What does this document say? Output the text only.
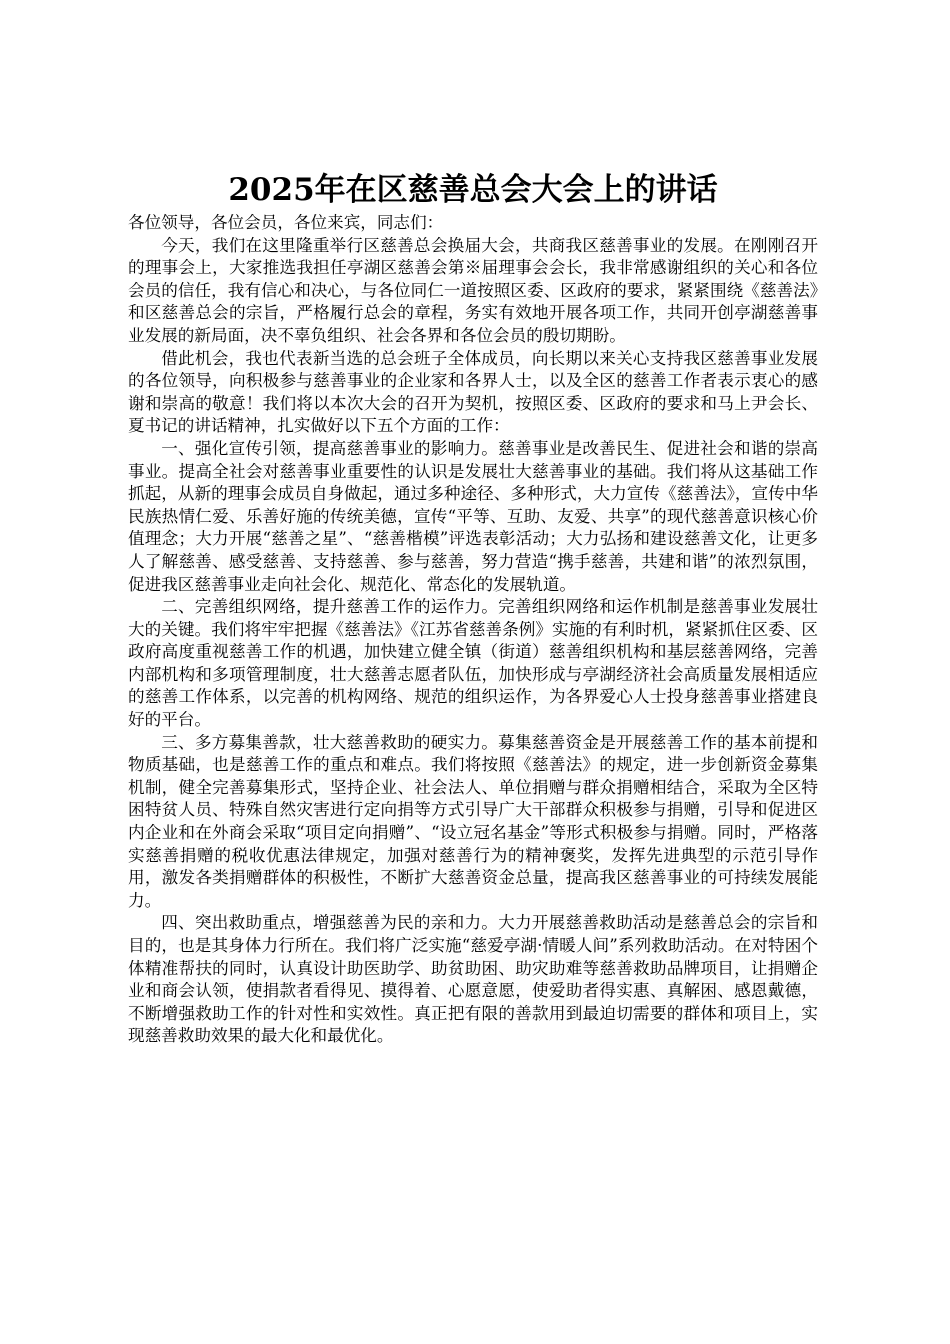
2025年在区慈善总会大会上的讲话

各位领导，各位会员，各位来宾，同志们：

今天，我们在这里隆重举行区慈善总会换届大会，共商我区慈善事业的发展。在刚刚召开的理事会上，大家推选我担任亭湖区慈善会第※届理事会会长，我非常感谢组织的关心和各位会员的信任，我有信心和决心，与各位同仁一道按照区委、区政府的要求，紧紧围绕《慈善法》和区慈善总会的宗旨，严格履行总会的章程，务实有效地开展各项工作，共同开创亭湖慈善事业发展的新局面，决不辜负组织、社会各界和各位会员的殷切期盼。

借此机会，我也代表新当选的总会班子全体成员，向长期以来关心支持我区慈善事业发展的各位领导，向积极参与慈善事业的企业家和各界人士，以及全区的慈善工作者表示衷心的感谢和崇高的敬意！我们将以本次大会的召开为契机，按照区委、区政府的要求和马上尹会长、夏书记的讲话精神，扎实做好以下五个方面的工作：

一、强化宣传引领，提高慈善事业的影响力。慈善事业是改善民生、促进社会和谐的崇高事业。提高全社会对慈善事业重要性的认识是发展壮大慈善事业的基础。我们将从这基础工作抓起，从新的理事会成员自身做起，通过多种途径、多种形式，大力宣传《慈善法》，宣传中华民族热情仁爱、乐善好施的传统美德，宣传“平等、互助、友爱、共享”的现代慈善意识核心价值理念；大力开展“慈善之星”、“慈善楷模”评选表彰活动；大力弘扬和建设慈善文化，让更多人了解慈善、感受慈善、支持慈善、参与慈善，努力营造“携手慈善，共建和谐”的浓烈氛围，促进我区慈善事业走向社会化、规范化、常态化的发展轨道。

二、完善组织网络，提升慈善工作的运作力。完善组织网络和运作机制是慈善事业发展壮大的关键。我们将牢牢把握《慈善法》《江苏省慈善条例》实施的有利时机，紧紧抓住区委、区政府高度重视慈善工作的机遇，加快建立健全镇（街道）慈善组织机构和基层慈善网络，完善内部机构和多项管理制度，壮大慈善志愿者队伍，加快形成与亭湖经济社会高质量发展相适应的慈善工作体系，以完善的机构网络、规范的组织运作，为各界爱心人士投身慈善事业搭建良好的平台。

三、多方募集善款，壮大慈善救助的硬实力。募集慈善资金是开展慈善工作的基本前提和物质基础，也是慈善工作的重点和难点。我们将按照《慈善法》的规定，进一步创新资金募集机制，健全完善募集形式，坚持企业、社会法人、单位捐赠与群众捐赠相结合，采取为全区特困特贫人员、特殊自然灾害进行定向捐等方式引导广大干部群众积极参与捐赠，引导和促进区内企业和在外商会采取“项目定向捐赠”、“设立冠名基金”等形式积极参与捐赠。同时，严格落实慈善捐赠的税收优惠法律规定，加强对慈善行为的精神褒奖，发挥先进典型的示范引导作用，激发各类捐赠群体的积极性，不断扩大慈善资金总量，提高我区慈善事业的可持续发展能力。

四、突出救助重点，增强慈善为民的亲和力。大力开展慈善救助活动是慈善总会的宗旨和目的，也是其身体力行所在。我们将广泛实施“慈爱亭湖·情暖人间”系列救助活动。在对特困个体精准帮扶的同时，认真设计助医助学、助贫助困、助灾助难等慈善救助品牌项目，让捐赠企业和商会认领，使捐款者看得见、摸得着、心愿意愿，使爱助者得实惠、真解困、感恩戴德，不断增强救助工作的针对性和实效性。真正把有限的善款用到最迫切需要的群体和项目上，实现慈善救助效果的最大化和最优化。
